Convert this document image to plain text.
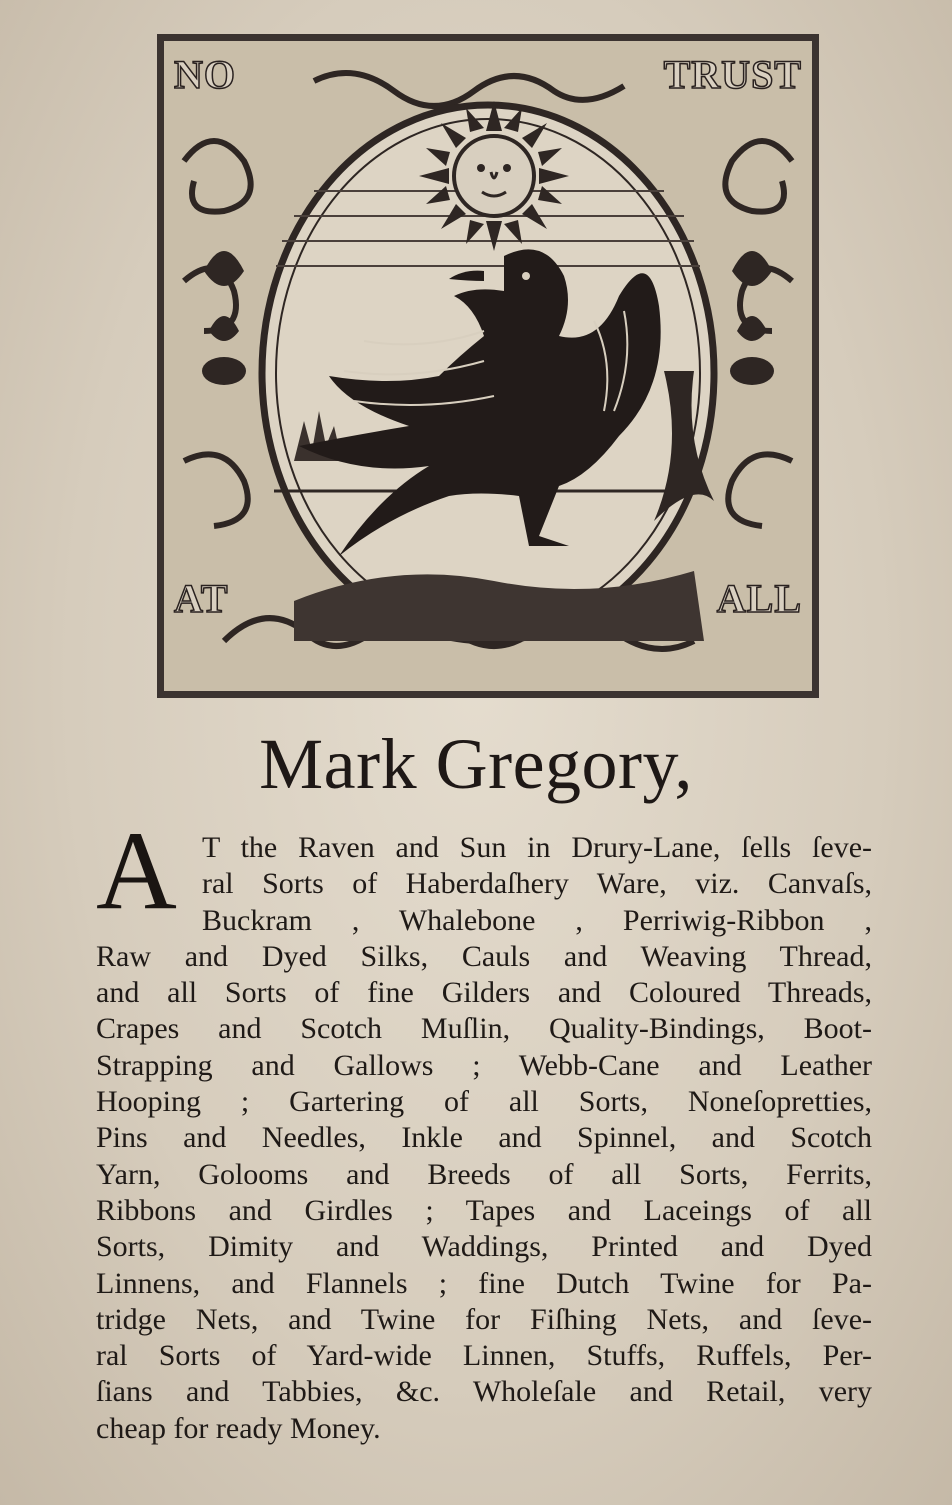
NO	TRUST
AT	ALL
Mark Gregory,
A T the Raven and Sun in Drury-Lane, ſells ſeve-
ral Sorts of Haberdaſhery Ware, viz. Canvaſs,
Buckram , Whalebone , Perriwig-Ribbon ,
Raw and Dyed Silks, Cauls and Weaving Thread,
and all Sorts of fine Gilders and Coloured Threads,
Crapes and Scotch Muſlin, Quality-Bindings, Boot-
Strapping and Gallows ; Webb-Cane and Leather
Hooping ; Gartering of all Sorts, Noneſopretties,
Pins and Needles, Inkle and Spinnel, and Scotch
Yarn, Golooms and Breeds of all Sorts, Ferrits,
Ribbons and Girdles ; Tapes and Laceings of all
Sorts, Dimity and Waddings, Printed and Dyed
Linnens, and Flannels ; fine Dutch Twine for Pa-
tridge Nets, and Twine for Fiſhing Nets, and ſeve-
ral Sorts of Yard-wide Linnen, Stuffs, Ruffels, Per-
ſians and Tabbies, &c. Wholeſale and Retail, very
cheap for ready Money.
